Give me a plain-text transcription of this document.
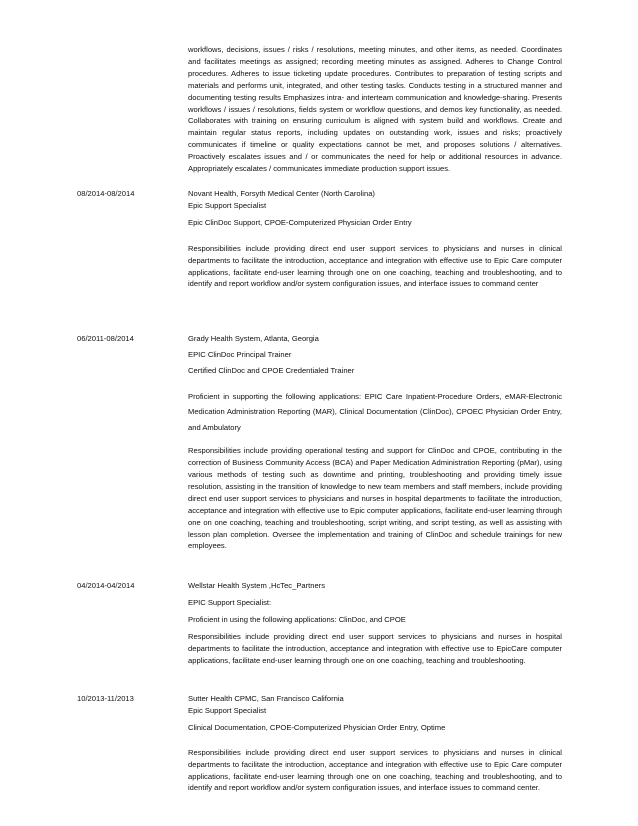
workflows, decisions, issues / risks / resolutions, meeting minutes, and other items, as needed. Coordinates and facilitates meetings as assigned; recording meeting minutes as assigned. Adheres to Change Control procedures. Adheres to issue ticketing update procedures. Contributes to preparation of testing scripts and materials and performs unit, integrated, and other testing tasks. Conducts testing in a structured manner and documenting testing results Emphasizes intra- and interteam communication and knowledge-sharing. Presents workflows / issues / resolutions, fields system or workflow questions, and demos key functionality, as needed. Collaborates with training on ensuring curriculum is aligned with system build and workflows. Create and maintain regular status reports, including updates on outstanding work, issues and risks; proactively communicates if timeline or quality expectations cannot be met, and proposes solutions / alternatives. Proactively escalates issues and / or communicates the need for help or additional resources in advance. Appropriately escalates / communicates immediate production support issues.

08/2014-08/2014	Novant Health, Forsyth Medical Center (North Carolina)

Epic Support Specialist

Epic ClinDoc Support, CPOE-Computerized Physician Order Entry

Responsibilities include providing direct end user support services to physicians and nurses in clinical departments to facilitate the introduction, acceptance and integration with effective use to Epic Care computer applications, facilitate end-user learning through one on one coaching, teaching and troubleshooting, and to identify and report workflow and/or system configuration issues, and interface issues to command center

06/2011-08/2014	Grady Health System, Atlanta, Georgia

EPIC ClinDoc Principal Trainer

Certified ClinDoc and CPOE Credentialed Trainer

Proficient in supporting the following applications: EPIC Care Inpatient-Procedure Orders, eMAR-Electronic Medication Administration Reporting (MAR), Clinical Documentation (ClinDoc), CPOEC Physician Order Entry, and Ambulatory

Responsibilities include providing operational testing and support for ClinDoc and CPOE, contributing in the correction of Business Community Access (BCA) and Paper Medication Administration Reporting (pMar), using various methods of testing such as downtime and printing, troubleshooting and providing timely issue resolution, assisting in the transition of knowledge to new team members and staff members, include providing direct end user support services to physicians and nurses in hospital departments to facilitate the introduction, acceptance and integration with effective use to Epic computer applications, facilitate end-user learning through one on one coaching, teaching and troubleshooting, script writing, and script testing, as well as assisting with lesson plan completion. Oversee the implementation and training of ClinDoc and schedule trainings for new employees.

04/2014-04/2014	Wellstar Health System ,HcTec_Partners

EPIC Support Specialist:

Proficient in using the following applications: ClinDoc, and CPOE

Responsibilities include providing direct end user support services to physicians and nurses in hospital departments to facilitate the introduction, acceptance and integration with effective use to EpicCare computer applications, facilitate end-user learning through one on one coaching, teaching and troubleshooting.

10/2013-11/2013	Sutter Health CPMC, San Francisco California

Epic Support Specialist

Clinical Documentation, CPOE-Computerized Physician Order Entry, Optime

Responsibilities include providing direct end user support services to physicians and nurses in clinical departments to facilitate the introduction, acceptance and integration with effective use to Epic Care computer applications, facilitate end-user learning through one on one coaching, teaching and troubleshooting, and to identify and report workflow and/or system configuration issues, and interface issues to command center.
